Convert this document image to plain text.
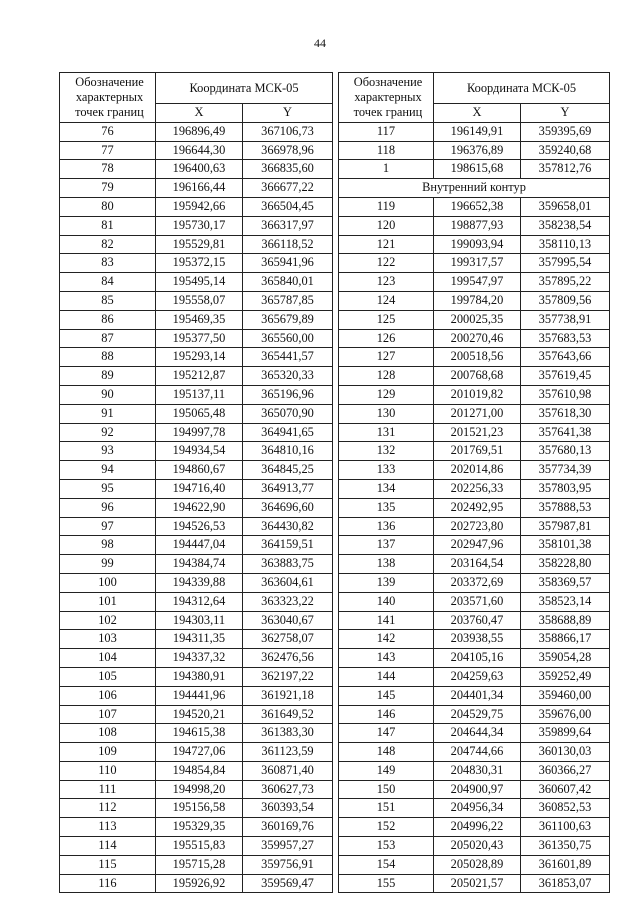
44
Обозначение характерных точек границ	Координата МСК-05	
	X	Y
76	196896,49	367106,73
77	196644,30	366978,96
78	196400,63	366835,60
79	196166,44	366677,22
80	195942,66	366504,45
81	195730,17	366317,97
82	195529,81	366118,52
83	195372,15	365941,96
84	195495,14	365840,01
85	195558,07	365787,85
86	195469,35	365679,89
87	195377,50	365560,00
88	195293,14	365441,57
89	195212,87	365320,33
90	195137,11	365196,96
91	195065,48	365070,90
92	194997,78	364941,65
93	194934,54	364810,16
94	194860,67	364845,25
95	194716,40	364913,77
96	194622,90	364696,60
97	194526,53	364430,82
98	194447,04	364159,51
99	194384,74	363883,75
100	194339,88	363604,61
101	194312,64	363323,22
102	194303,11	363040,67
103	194311,35	362758,07
104	194337,32	362476,56
105	194380,91	362197,22
106	194441,96	361921,18
107	194520,21	361649,52
108	194615,38	361383,30
109	194727,06	361123,59
110	194854,84	360871,40
111	194998,20	360627,73
112	195156,58	360393,54
113	195329,35	360169,76
114	195515,83	359957,27
115	195715,28	359756,91
116	195926,92	359569,47
Обозначение характерных точек границ	Координата МСК-05	
	X	Y
117	196149,91	359395,69
118	196376,89	359240,68
1	198615,68	357812,76
Внутренний контур		
119	196652,38	359658,01
120	198877,93	358238,54
121	199093,94	358110,13
122	199317,57	357995,54
123	199547,97	357895,22
124	199784,20	357809,56
125	200025,35	357738,91
126	200270,46	357683,53
127	200518,56	357643,66
128	200768,68	357619,45
129	201019,82	357610,98
130	201271,00	357618,30
131	201521,23	357641,38
132	201769,51	357680,13
133	202014,86	357734,39
134	202256,33	357803,95
135	202492,95	357888,53
136	202723,80	357987,81
137	202947,96	358101,38
138	203164,54	358228,80
139	203372,69	358369,57
140	203571,60	358523,14
141	203760,47	358688,89
142	203938,55	358866,17
143	204105,16	359054,28
144	204259,63	359252,49
145	204401,34	359460,00
146	204529,75	359676,00
147	204644,34	359899,64
148	204744,66	360130,03
149	204830,31	360366,27
150	204900,97	360607,42
151	204956,34	360852,53
152	204996,22	361100,63
153	205020,43	361350,75
154	205028,89	361601,89
155	205021,57	361853,07
